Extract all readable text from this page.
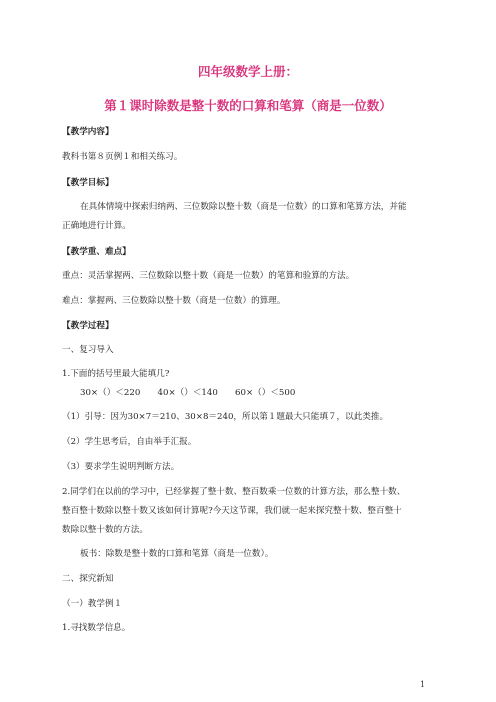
四年级数学上册：
第１课时除数是整十数的口算和笔算（商是一位数）
【教学内容】
教科书第８页例１和相关练习。
【教学目标】
在具体情境中探索归纳两、三位数除以整十数（商是一位数）的口算和笔算方法，并能
正确地进行计算。
【教学重、难点】
重点：灵活掌握两、三位数除以整十数（商是一位数）的笔算和验算的方法。
难点：掌握两、三位数除以整十数（商是一位数）的算理。
【教学过程】
一、复习导入
1.下面的括号里最大能填几?
30×（）＜220　　40×（）＜140　　60×（）＜500
（1）引导：因为30×7＝210、30×8＝240，所以第１题最大只能填７，以此类推。
（2）学生思考后，自由举手汇报。
（3）要求学生说明判断方法。
2.同学们在以前的学习中，已经掌握了整十数、整百数乘一位数的计算方法，那么整十数、
整百整十数除以整十数又该如何计算呢?今天这节课，我们就一起来探究整十数、整百整十
数除以整十数的方法。
板书：除数是整十数的口算和笔算（商是一位数）。
二、探究新知
（一）教学例１
1.寻找数学信息。
1
